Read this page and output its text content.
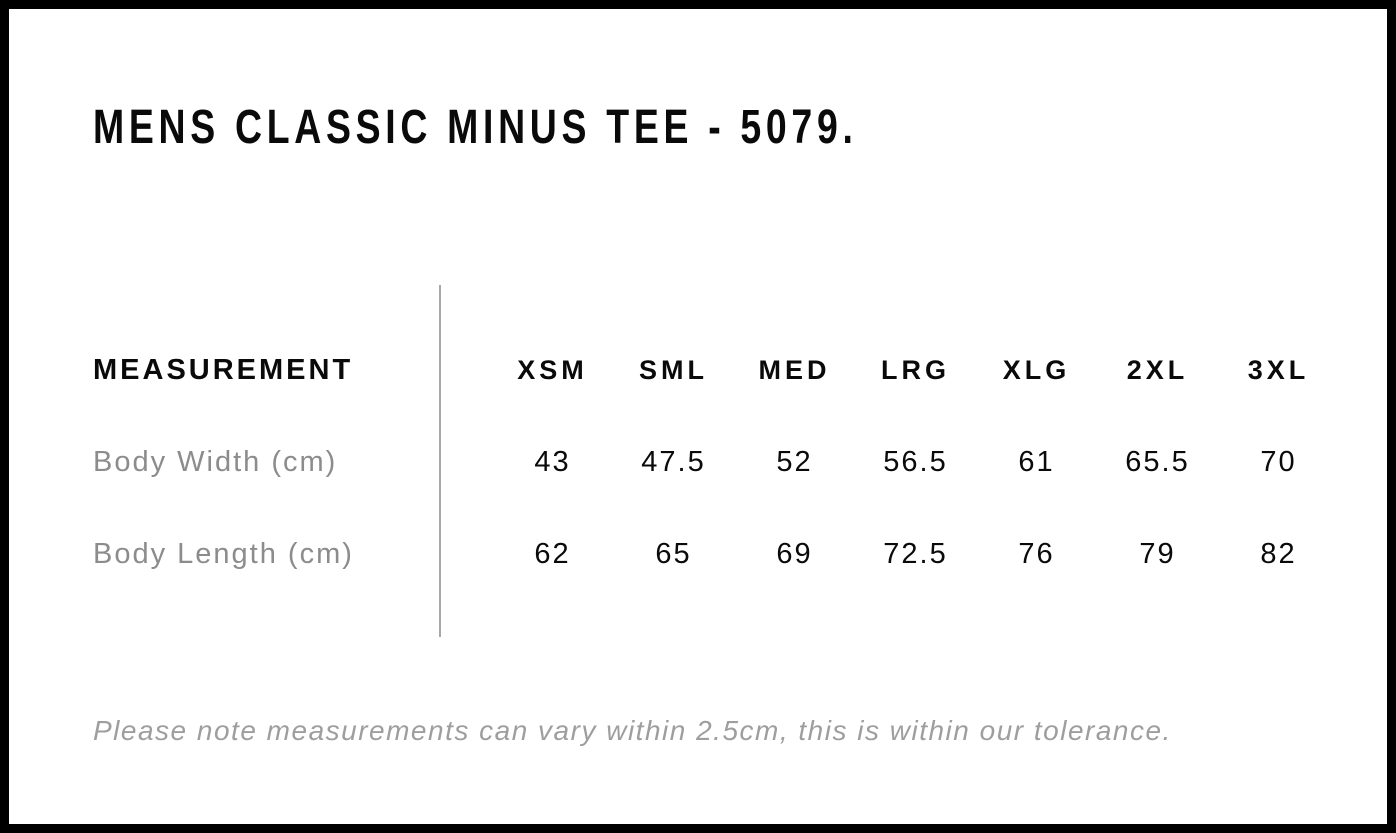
MENS CLASSIC MINUS TEE - 5079.
MEASUREMENT	XSM	SML	MED	LRG	XLG	2XL	3XL
Body Width (cm)	43	47.5	52	56.5	61	65.5	70
Body Length (cm)	62	65	69	72.5	76	79	82

Please note measurements can vary within 2.5cm, this is within our tolerance.
